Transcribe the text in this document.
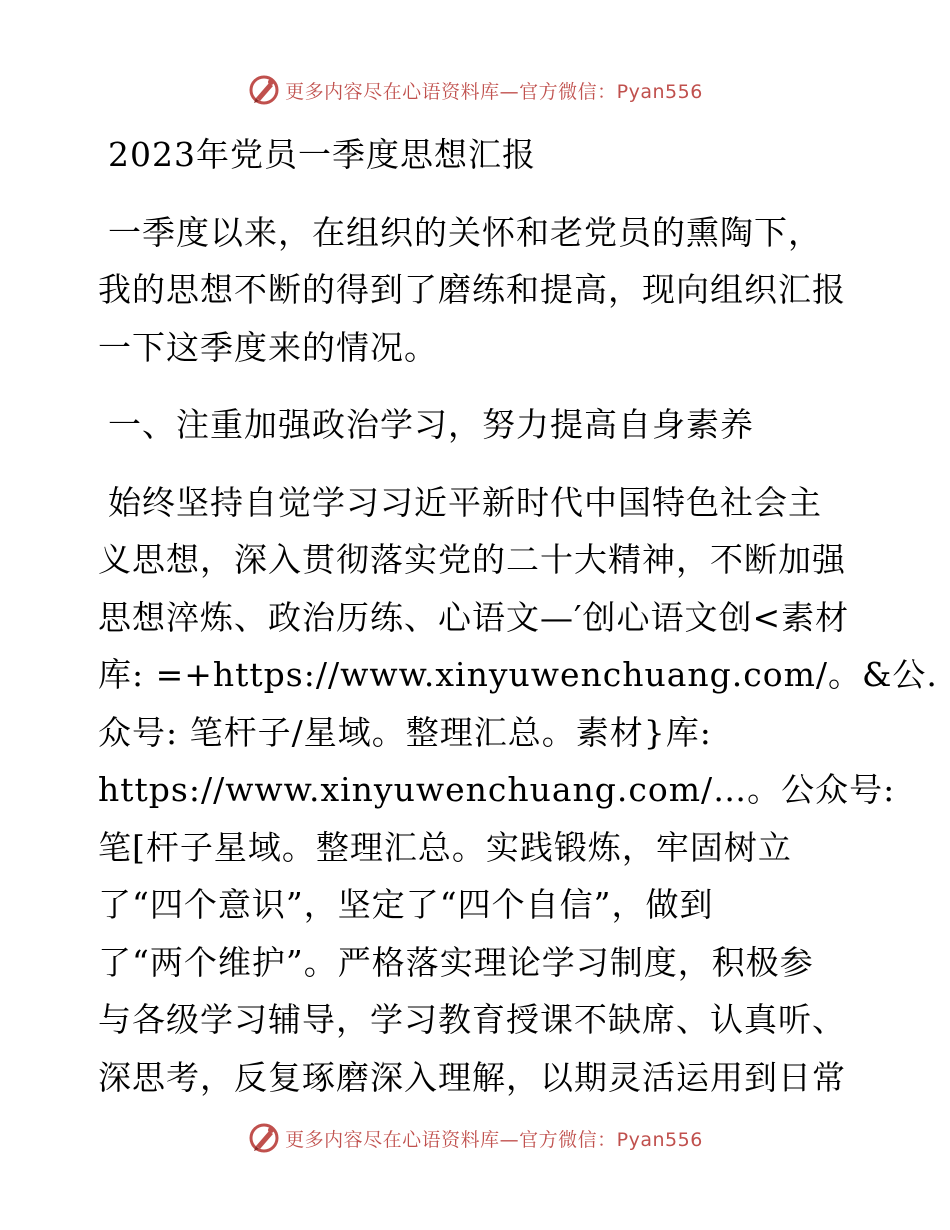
更多内容尽在心语资料库—官方微信：Pyan556
2023年党员一季度思想汇报
一季度以来，在组织的关怀和老党员的熏陶下，
我的思想不断的得到了磨练和提高，现向组织汇报
一下这季度来的情况。
一、注重加强政治学习，努力提高自身素养
始终坚持自觉学习习近平新时代中国特色社会主
义思想，深入贯彻落实党的二十大精神，不断加强
思想淬炼、政治历练、心语文—′创心语文创<素材
库: =+https://www.xinyuwenchuang.com/。&公.
众号: 笔杆子/星域。整理汇总。素材}库:
https://www.xinyuwenchuang.com/…。公众号:
笔[杆子星域。整理汇总。实践锻炼，牢固树立
了“四个意识”，坚定了“四个自信”，做到
了“两个维护”。严格落实理论学习制度，积极参
与各级学习辅导，学习教育授课不缺席、认真听、
深思考，反复琢磨深入理解，以期灵活运用到日常
更多内容尽在心语资料库—官方微信：Pyan556
